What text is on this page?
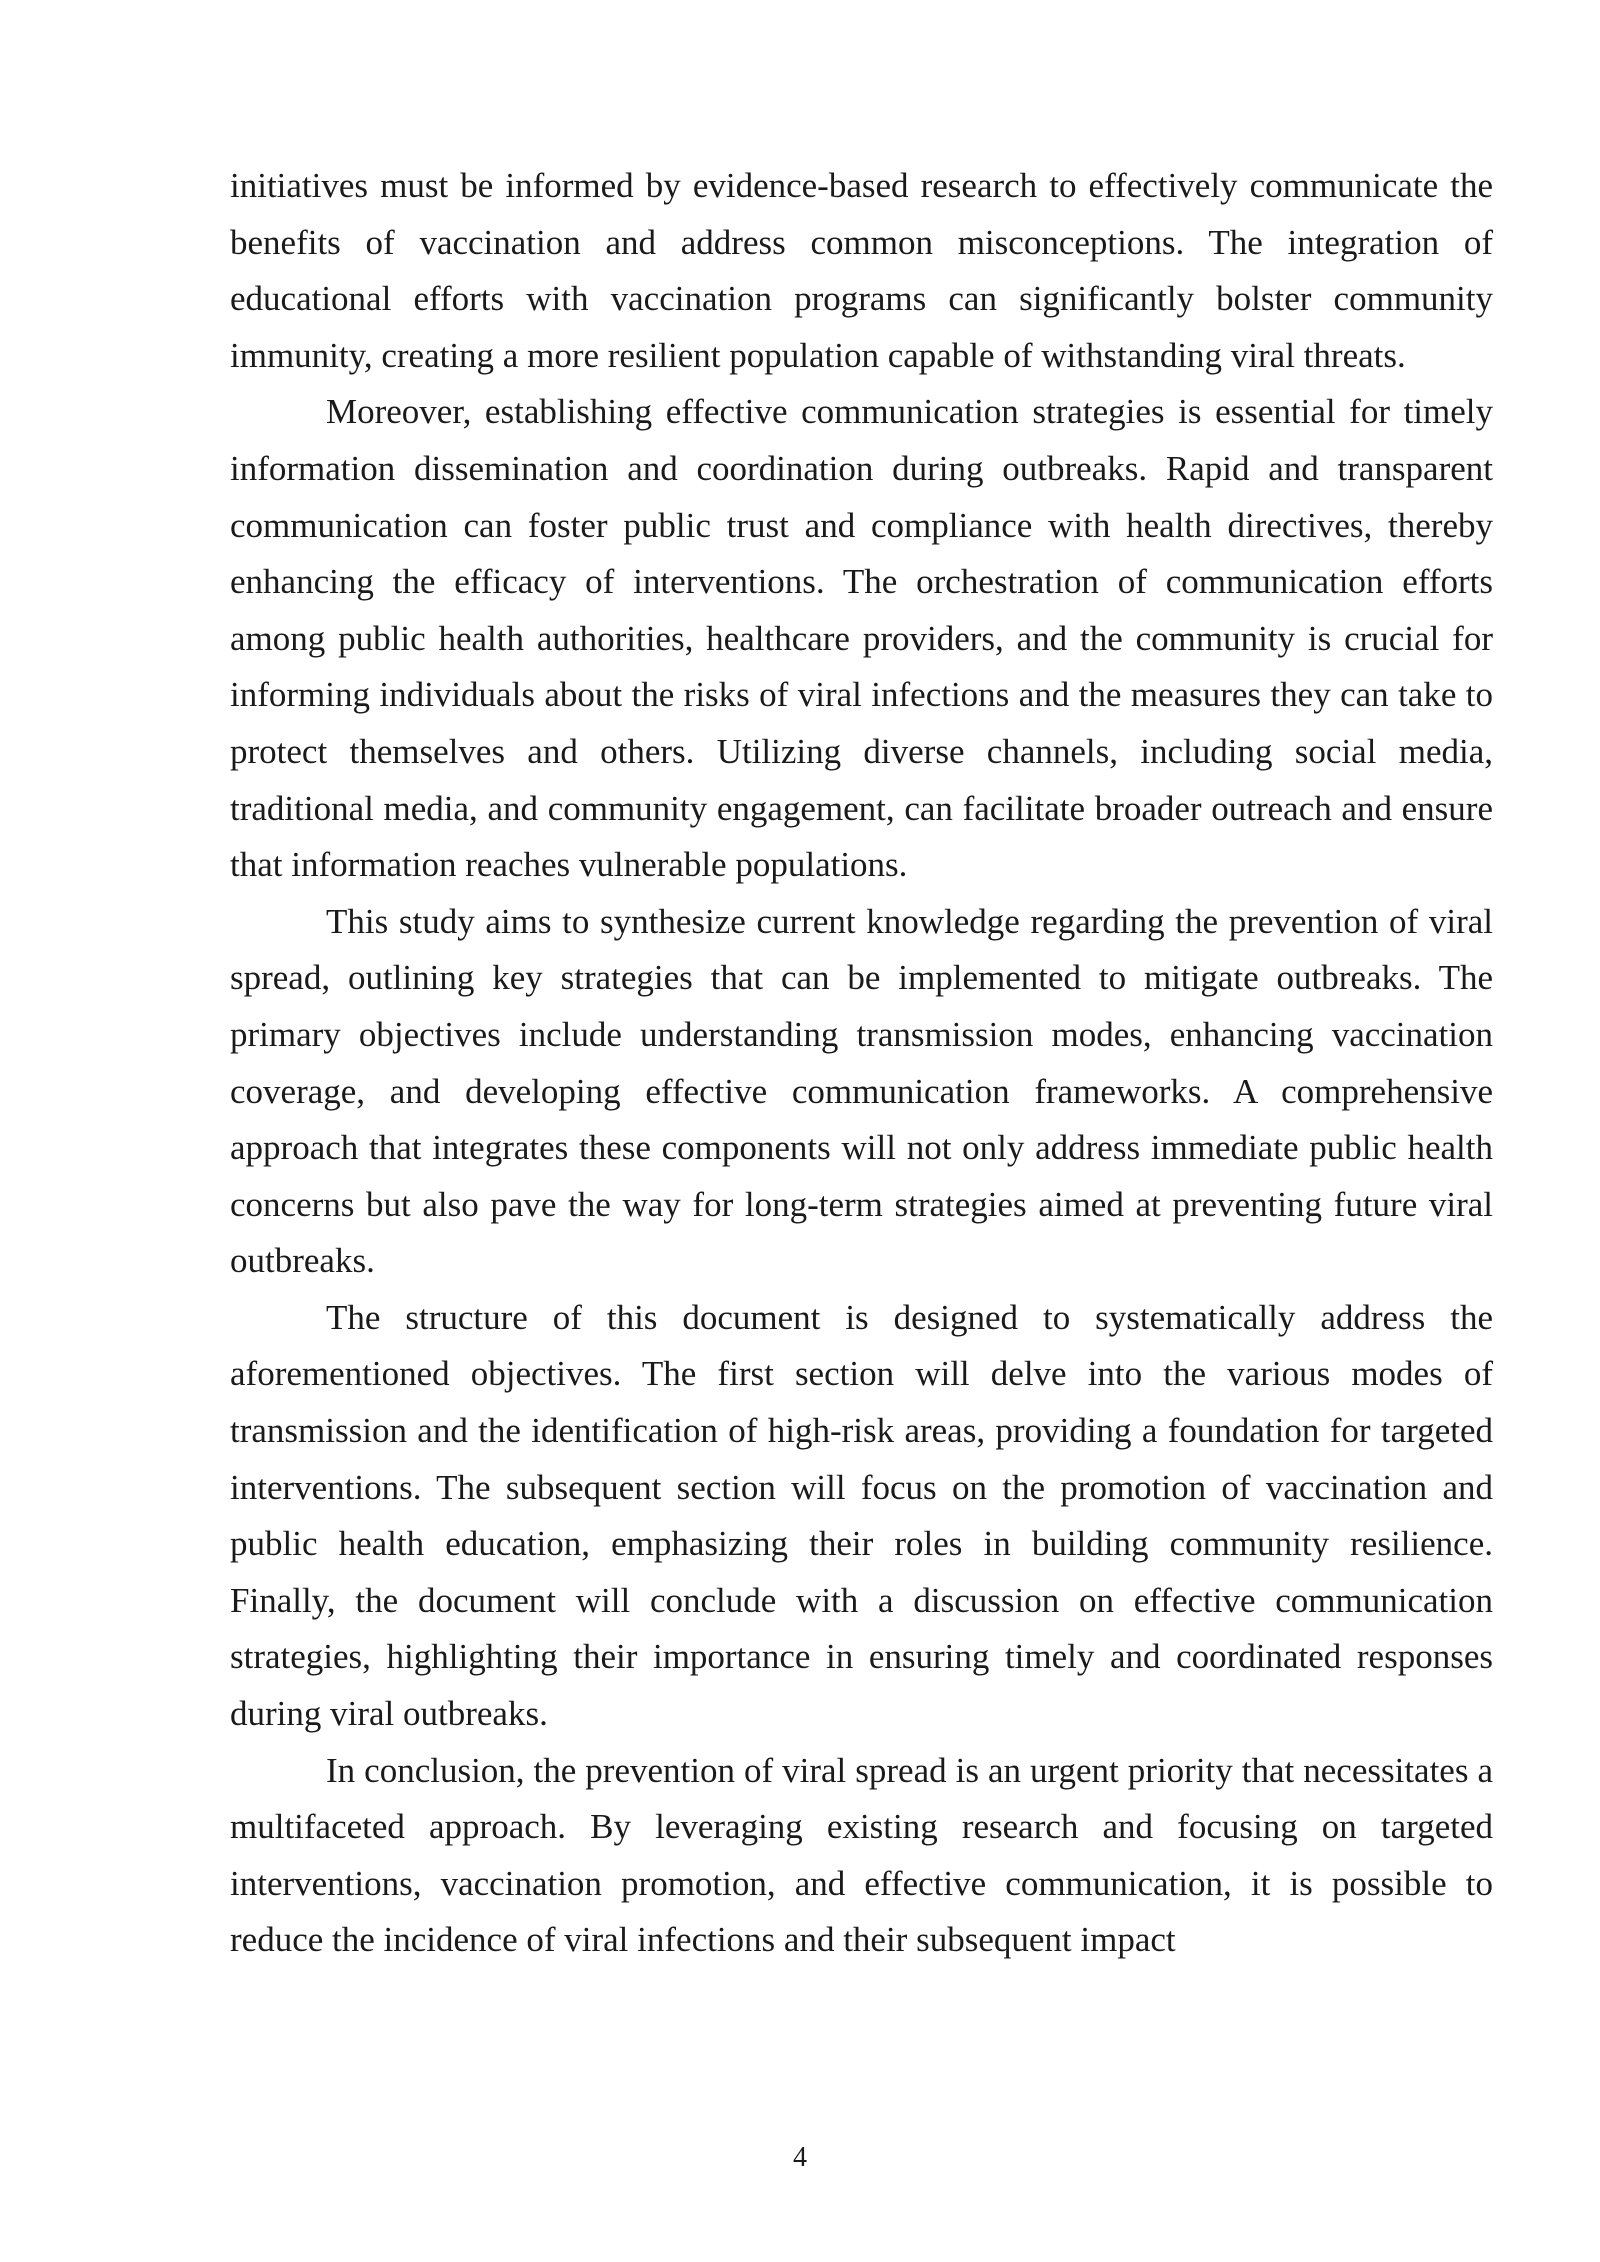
initiatives must be informed by evidence-based research to effectively communicate the benefits of vaccination and address common misconceptions. The integration of educational efforts with vaccination programs can significantly bolster community immunity, creating a more resilient population capable of withstanding viral threats.

Moreover, establishing effective communication strategies is essential for timely information dissemination and coordination during outbreaks. Rapid and transparent communication can foster public trust and compliance with health directives, thereby enhancing the efficacy of interventions. The orchestration of communication efforts among public health authorities, healthcare providers, and the community is crucial for informing individuals about the risks of viral infections and the measures they can take to protect themselves and others. Utilizing diverse channels, including social media, traditional media, and community engagement, can facilitate broader outreach and ensure that information reaches vulnerable populations.

This study aims to synthesize current knowledge regarding the prevention of viral spread, outlining key strategies that can be implemented to mitigate outbreaks. The primary objectives include understanding transmission modes, enhancing vaccination coverage, and developing effective communication frameworks. A comprehensive approach that integrates these components will not only address immediate public health concerns but also pave the way for long-term strategies aimed at preventing future viral outbreaks.

The structure of this document is designed to systematically address the aforementioned objectives. The first section will delve into the various modes of transmission and the identification of high-risk areas, providing a foundation for targeted interventions. The subsequent section will focus on the promotion of vaccination and public health education, emphasizing their roles in building community resilience. Finally, the document will conclude with a discussion on effective communication strategies, highlighting their importance in ensuring timely and coordinated responses during viral outbreaks.

In conclusion, the prevention of viral spread is an urgent priority that necessitates a multifaceted approach. By leveraging existing research and focusing on targeted interventions, vaccination promotion, and effective communication, it is possible to reduce the incidence of viral infections and their subsequent impact

4
